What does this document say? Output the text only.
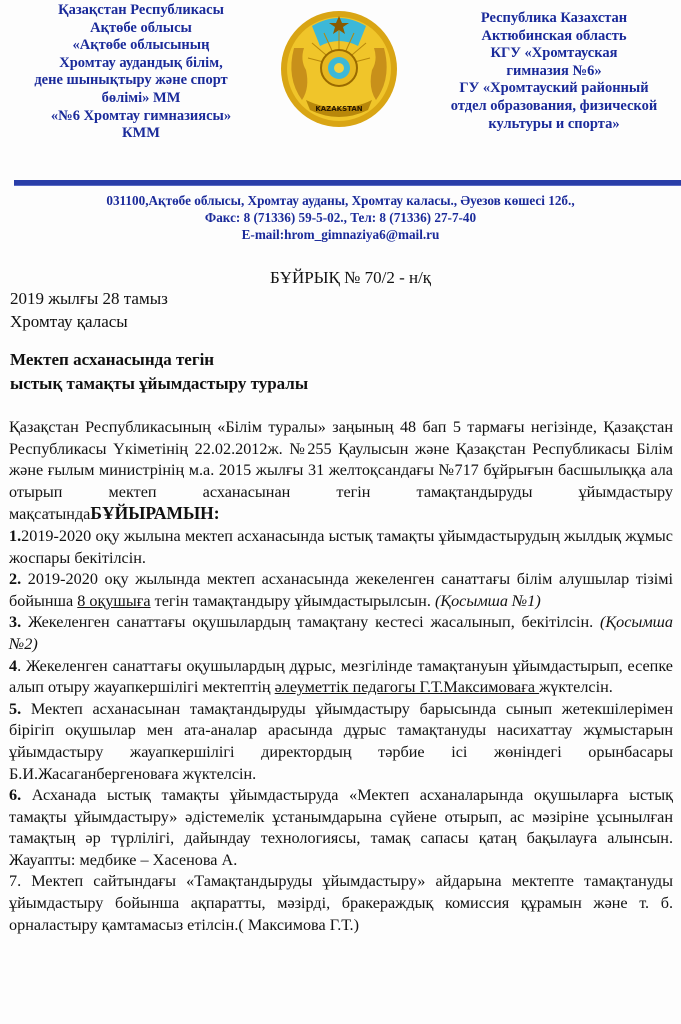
Қазақстан Республикасы
Ақтөбе облысы
«Ақтөбе облысының
Хромтау аудандық білім,
дене шынықтыру және спорт
бөлімі» ММ
«№6 Хромтау гимназиясы»
КММ
KAZAKSTAN
Республика Казахстан
Актюбинская область
КГУ «Хромтауская
гимназия №6»
ГУ «Хромтауский районный
отдел образования, физической
культуры и спорта»
031100,Ақтөбе облысы, Хромтау ауданы, Хромтау каласы., Әуезов көшесі 12б.,
Факс: 8 (71336) 59-5-02., Тел: 8 (71336) 27-7-40
E-mail:hrom_gimnaziya6@mail.ru
БҰЙРЫҚ № 70/2 - н/қ
2019 жылғы 28 тамыз
Хромтау қаласы
Мектеп асханасында тегін
ыстық тамақты ұйымдастыру туралы

Қазақстан Республикасының «Білім туралы» заңының 48 бап 5 тармағы негізінде, Қазақстан Республикасы Үкіметінің 22.02.2012ж. №255 Қаулысын және Қазақстан Республикасы Білім және ғылым министрінің м.а. 2015 жылғы 31 желтоқсандағы №717 бұйрығын басшылыққа ала отырып мектеп асханасынан тегін тамақтандыруды ұйымдастыру мақсатындаБҰЙЫРАМЫН:

1.2019-2020 оқу жылына мектеп асханасында ыстық тамақты ұйымдастырудың жылдық жұмыс жоспары бекітілсін.

2. 2019-2020 оқу жылында мектеп асханасында жекеленген санаттағы білім алушылар тізімі бойынша 8 оқушыға тегін тамақтандыру ұйымдастырылсын. (Қосымша №1)

3. Жекеленген санаттағы оқушылардың тамақтану кестесі жасалынып, бекітілсін. (Қосымша №2)

4. Жекеленген санаттағы оқушылардың дұрыс, мезгілінде тамақтануын ұйымдастырып, есепке алып отыру жауапкершілігі мектептің әлеуметтік педагогы Г.Т.Максимоваға жүктелсін.

5. Мектеп асханасынан тамақтандыруды ұйымдастыру барысында сынып жетекшілерімен бірігіп оқушылар мен ата-аналар арасында дұрыс тамақтануды насихаттау жұмыстарын ұйымдастыру жауапкершілігі директордың тәрбие ісі жөніндегі орынбасары Б.И.Жасаганбергеноваға жүктелсін.

6. Асханада ыстық тамақты ұйымдастыруда «Мектеп асханаларында оқушыларға ыстық тамақты ұйымдастыру» әдістемелік ұстанымдарына сүйене отырып, ас мәзіріне ұсынылған тамақтың әр түрлілігі, дайындау технологиясы, тамақ сапасы қатаң бақылауға алынсын. Жауапты: медбике – Хасенова А.

7. Мектеп сайтындағы «Тамақтандыруды ұйымдастыру» айдарына мектепте тамақтануды ұйымдастыру бойынша ақпаратты, мәзірді, бракераждық комиссия құрамын және т. б. орналастыру қамтамасыз етілсін.( Максимова Г.Т.)
